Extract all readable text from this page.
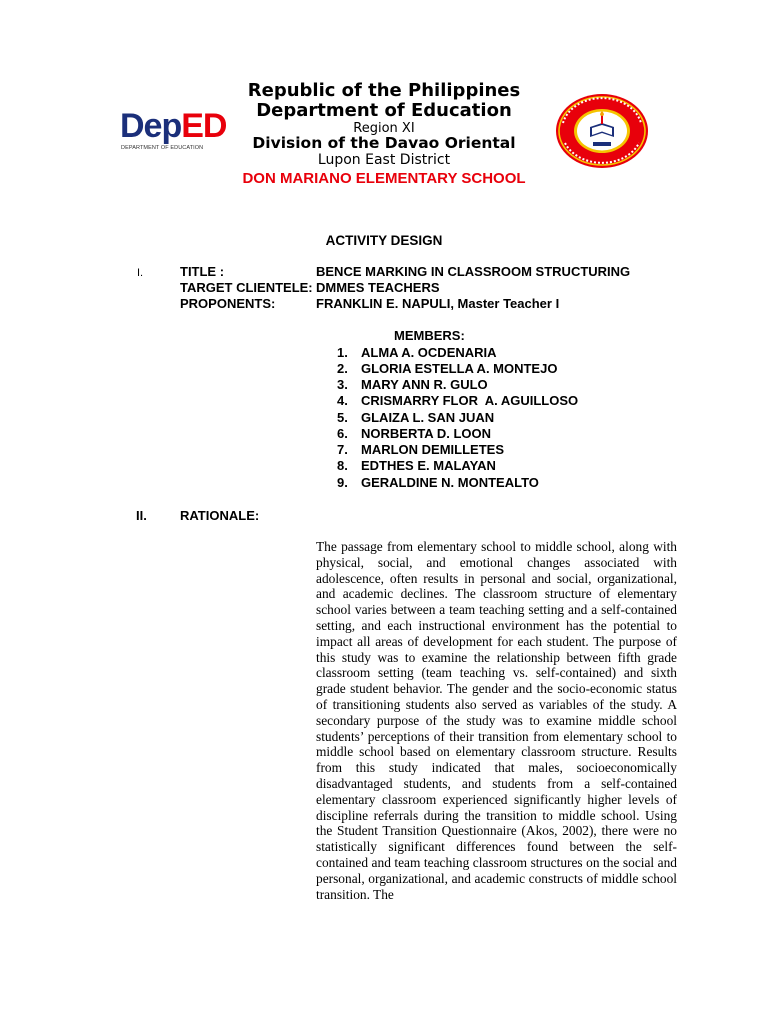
DepED
DEPARTMENT OF EDUCATION
Republic of the Philippines
Department of Education
Region XI
Division of the Davao Oriental
Lupon East District
DON MARIANO ELEMENTARY SCHOOL
ACTIVITY DESIGN
I.	TITLE :	BENCE MARKING IN CLASSROOM STRUCTURING
TARGET CLIENTELE: DMMES TEACHERS
PROPONENTS:	FRANKLIN E. NAPULI, Master Teacher I
MEMBERS:
1. ALMA A. OCDENARIA
2. GLORIA ESTELLA A. MONTEJO
3. MARY ANN R. GULO
4. CRISMARRY FLOR  A. AGUILLOSO
5. GLAIZA L. SAN JUAN
6. NORBERTA D. LOON
7. MARLON DEMILLETES
8. EDTHES E. MALAYAN
9. GERALDINE N. MONTEALTO
II.	RATIONALE:
The passage from elementary school to middle school, along with physical, social, and emotional changes associated with adolescence, often results in personal and social, organizational, and academic declines. The classroom structure of elementary school varies between a team teaching setting and a self-contained setting, and each instructional environment has the potential to impact all areas of development for each student. The purpose of this study was to examine the relationship between fifth grade classroom setting (team teaching vs. self-contained) and sixth grade student behavior. The gender and the socio-economic status of transitioning students also served as variables of the study. A secondary purpose of the study was to examine middle school students’ perceptions of their transition from elementary school to middle school based on elementary classroom structure. Results from this study indicated that males, socioeconomically disadvantaged students, and students from a self-contained elementary classroom experienced significantly higher levels of discipline referrals during the transition to middle school. Using the Student Transition Questionnaire (Akos, 2002), there were no statistically significant differences found between the self-contained and team teaching classroom structures on the social and personal, organizational, and academic constructs of middle school transition. The
